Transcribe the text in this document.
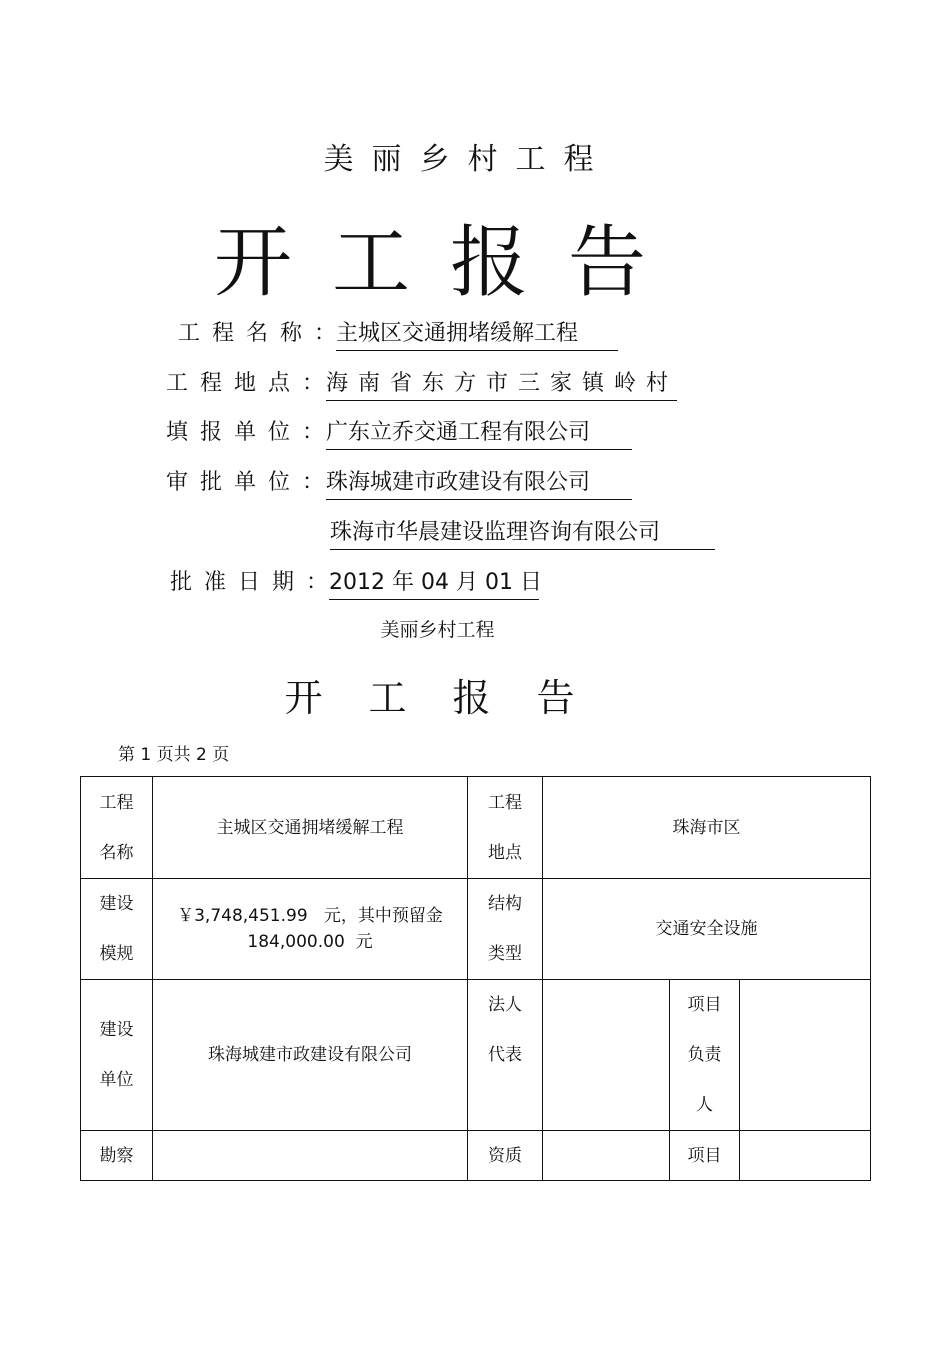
美丽乡村工程
开工报告
工程名称：
主城区交通拥堵缓解工程
工程地点：
海南省东方市三家镇岭村
填报单位：
广东立乔交通工程有限公司
审批单位：
珠海城建市政建设有限公司
珠海市华晨建设监理咨询有限公司
批准日期：
2012 年 04 月 01 日
美丽乡村工程
开工报告
第 1 页共 2 页
工程名称	主城区交通拥堵缓解工程	工程地点	珠海市区		

建设模规	￥3,748,451.99   元，其中预留金
184,000.00  元	结构类型	交通安全设施		

建设单位	珠海城建市政建设有限公司	法人代表		项目负责人	

勘察		资质		项目	
